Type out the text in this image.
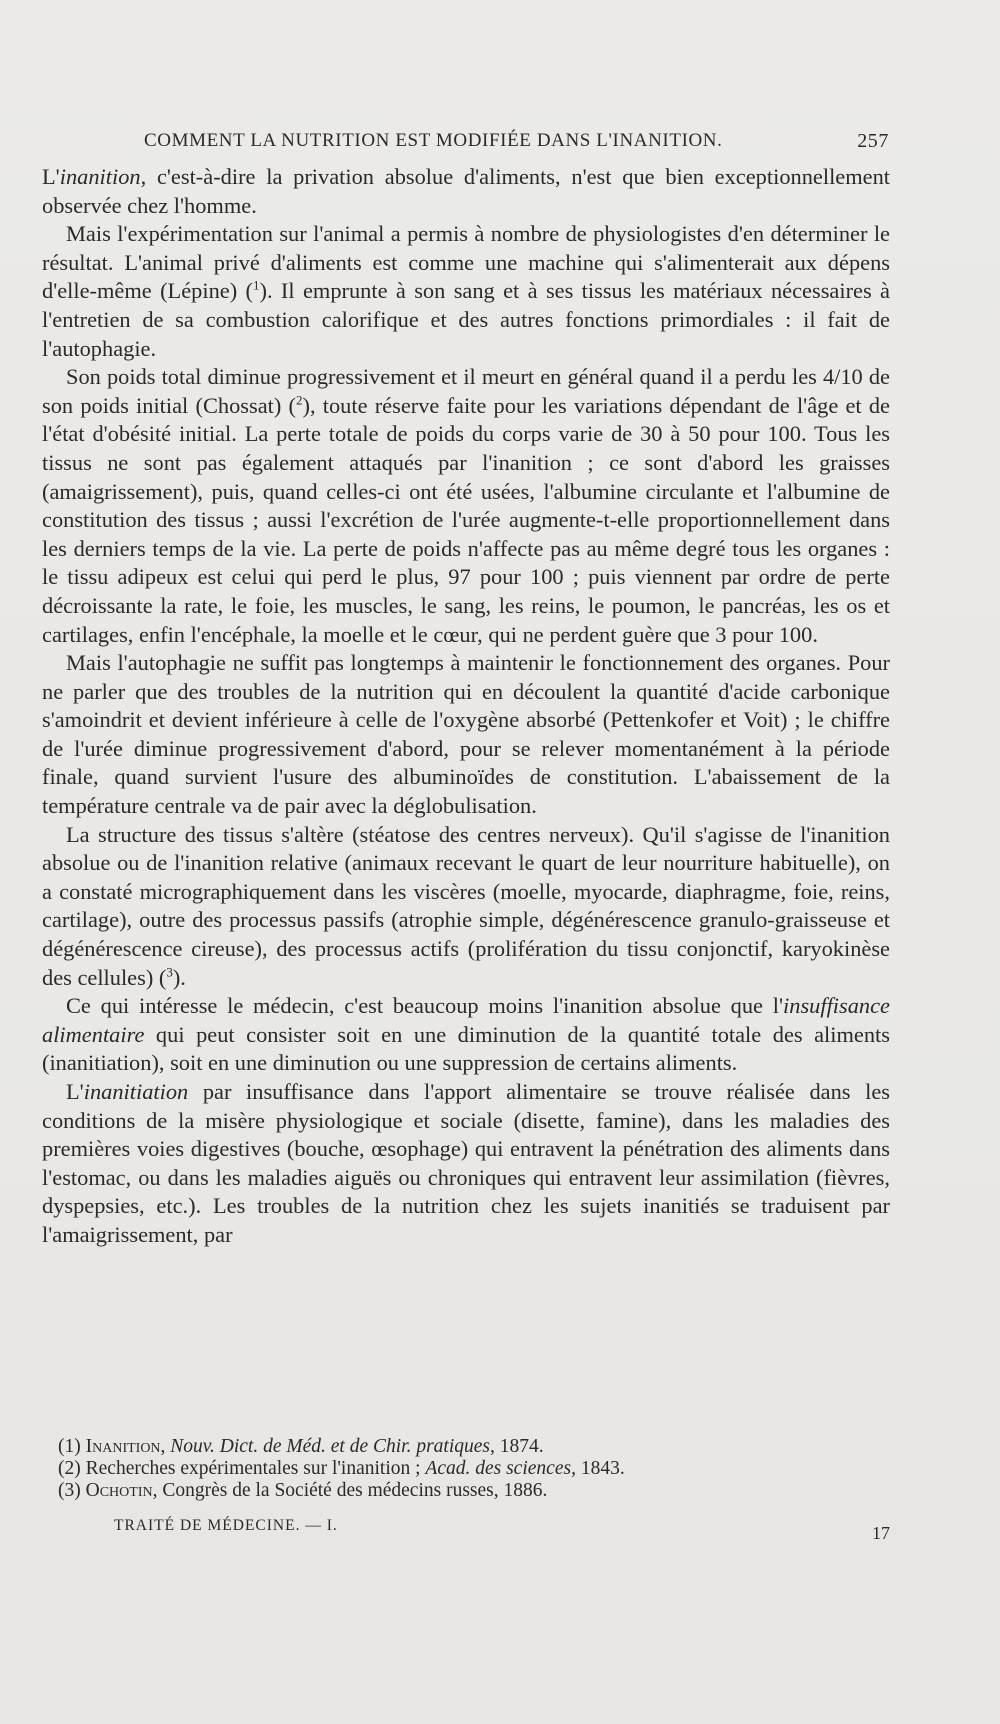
COMMENT LA NUTRITION EST MODIFIÉE DANS L'INANITION.	257

L'inanition, c'est-à-dire la privation absolue d'aliments, n'est que bien exceptionnellement observée chez l'homme.

Mais l'expérimentation sur l'animal a permis à nombre de physiologistes d'en déterminer le résultat. L'animal privé d'aliments est comme une machine qui s'alimenterait aux dépens d'elle-même (Lépine) ($^1$). Il emprunte à son sang et à ses tissus les matériaux nécessaires à l'entretien de sa combustion calorifique et des autres fonctions primordiales : il fait de l'autophagie.

Son poids total diminue progressivement et il meurt en général quand il a perdu les 4/10 de son poids initial (Chossat) ($^2$), toute réserve faite pour les variations dépendant de l'âge et de l'état d'obésité initial. La perte totale de poids du corps varie de 30 à 50 pour 100. Tous les tissus ne sont pas également attaqués par l'inanition ; ce sont d'abord les graisses (amaigrissement), puis, quand celles-ci ont été usées, l'albumine circulante et l'albumine de constitution des tissus ; aussi l'excrétion de l'urée augmente-t-elle proportionnellement dans les derniers temps de la vie. La perte de poids n'affecte pas au même degré tous les organes : le tissu adipeux est celui qui perd le plus, 97 pour 100 ; puis viennent par ordre de perte décroissante la rate, le foie, les muscles, le sang, les reins, le poumon, le pancréas, les os et cartilages, enfin l'encéphale, la moelle et le cœur, qui ne perdent guère que 3 pour 100.

Mais l'autophagie ne suffit pas longtemps à maintenir le fonctionnement des organes. Pour ne parler que des troubles de la nutrition qui en découlent la quantité d'acide carbonique s'amoindrit et devient inférieure à celle de l'oxygène absorbé (Pettenkofer et Voit) ; le chiffre de l'urée diminue progressivement d'abord, pour se relever momentanément à la période finale, quand survient l'usure des albuminoïdes de constitution. L'abaissement de la température centrale va de pair avec la déglobulisation.

La structure des tissus s'altère (stéatose des centres nerveux). Qu'il s'agisse de l'inanition absolue ou de l'inanition relative (animaux recevant le quart de leur nourriture habituelle), on a constaté micrographiquement dans les viscères (moelle, myocarde, diaphragme, foie, reins, cartilage), outre des processus passifs (atrophie simple, dégénérescence granulo-graisseuse et dégénérescence cireuse), des processus actifs (prolifération du tissu conjonctif, karyokinèse des cellules) ($^3$).

Ce qui intéresse le médecin, c'est beaucoup moins l'inanition absolue que l'insuffisance alimentaire qui peut consister soit en une diminution de la quantité totale des aliments (inanitiation), soit en une diminution ou une suppression de certains aliments.

L'inanitiation par insuffisance dans l'apport alimentaire se trouve réalisée dans les conditions de la misère physiologique et sociale (disette, famine), dans les maladies des premières voies digestives (bouche, œsophage) qui entravent la pénétration des aliments dans l'estomac, ou dans les maladies aiguës ou chroniques qui entravent leur assimilation (fièvres, dyspepsies, etc.). Les troubles de la nutrition chez les sujets inanitiés se traduisent par l'amaigrissement, par

(1) Inanition, Nouv. Dict. de Méd. et de Chir. pratiques, 1874.
(2) Recherches expérimentales sur l'inanition ; Acad. des sciences, 1843.
(3) Ochotin, Congrès de la Société des médecins russes, 1886.
TRAITÉ DE MÉDECINE. — I.	17
